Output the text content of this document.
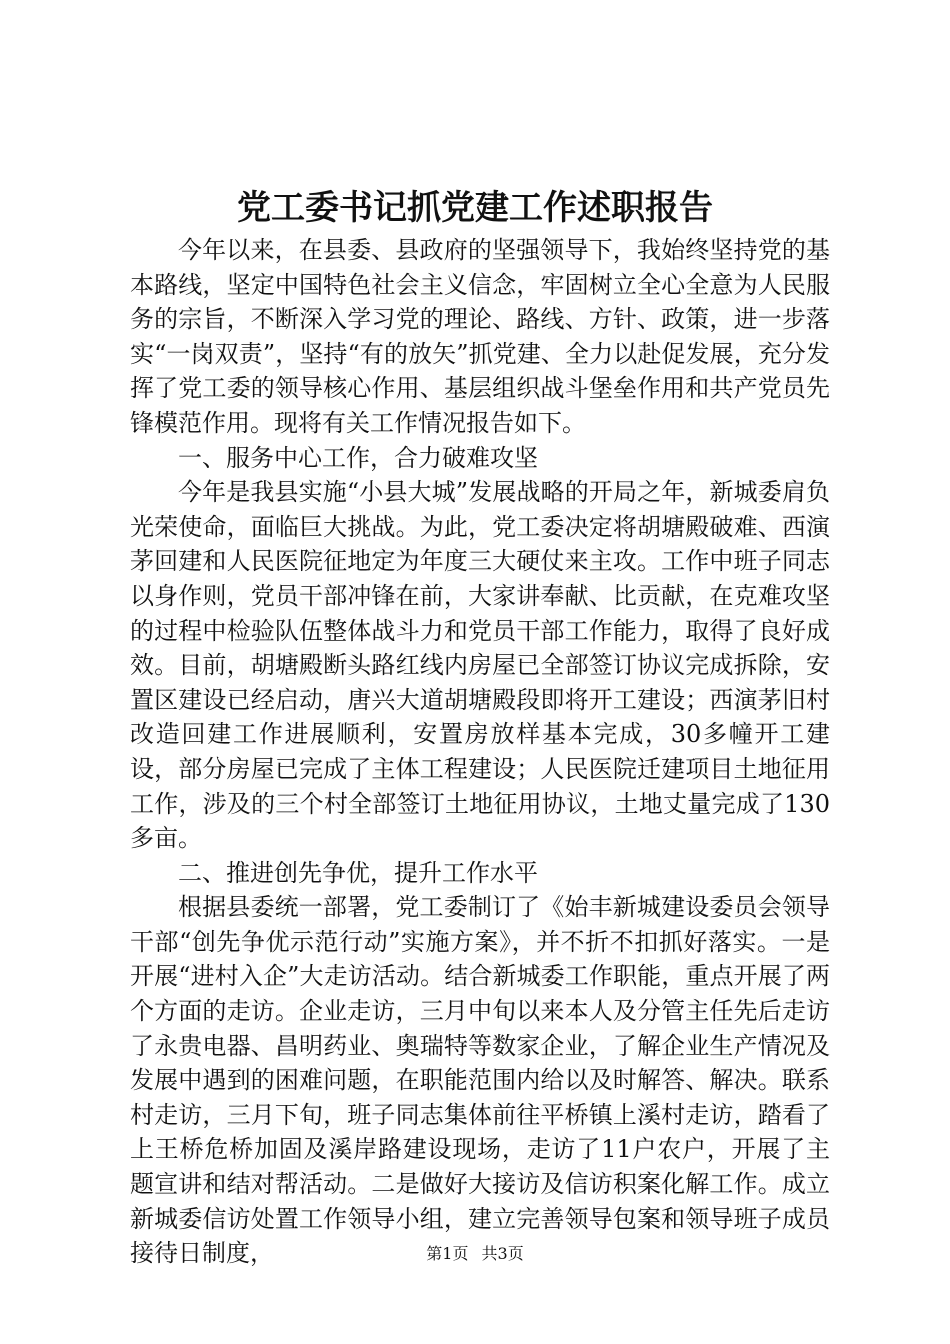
党工委书记抓党建工作述职报告

今年以来，在县委、县政府的坚强领导下，我始终坚持党的基本路线，坚定中国特色社会主义信念，牢固树立全心全意为人民服务的宗旨，不断深入学习党的理论、路线、方针、政策，进一步落实“一岗双责”，坚持“有的放矢”抓党建、全力以赴促发展，充分发挥了党工委的领导核心作用、基层组织战斗堡垒作用和共产党员先锋模范作用。现将有关工作情况报告如下。

一、服务中心工作，合力破难攻坚

今年是我县实施“小县大城”发展战略的开局之年，新城委肩负光荣使命，面临巨大挑战。为此，党工委决定将胡塘殿破难、西演茅回建和人民医院征地定为年度三大硬仗来主攻。工作中班子同志以身作则，党员干部冲锋在前，大家讲奉献、比贡献，在克难攻坚的过程中检验队伍整体战斗力和党员干部工作能力，取得了良好成效。目前，胡塘殿断头路红线内房屋已全部签订协议完成拆除，安置区建设已经启动，唐兴大道胡塘殿段即将开工建设；西演茅旧村改造回建工作进展顺利，安置房放样基本完成，30多幢开工建设，部分房屋已完成了主体工程建设；人民医院迁建项目土地征用工作，涉及的三个村全部签订土地征用协议，土地丈量完成了130多亩。

二、推进创先争优，提升工作水平

根据县委统一部署，党工委制订了《始丰新城建设委员会领导干部“创先争优示范行动”实施方案》，并不折不扣抓好落实。一是开展“进村入企”大走访活动。结合新城委工作职能，重点开展了两个方面的走访。企业走访，三月中旬以来本人及分管主任先后走访了永贵电器、昌明药业、奥瑞特等数家企业，了解企业生产情况及发展中遇到的困难问题，在职能范围内给以及时解答、解决。联系村走访，三月下旬，班子同志集体前往平桥镇上溪村走访，踏看了上王桥危桥加固及溪岸路建设现场，走访了11户农户，开展了主题宣讲和结对帮活动。二是做好大接访及信访积案化解工作。成立新城委信访处置工作领导小组，建立完善领导包案和领导班子成员接待日制度，	第1页 共3页
